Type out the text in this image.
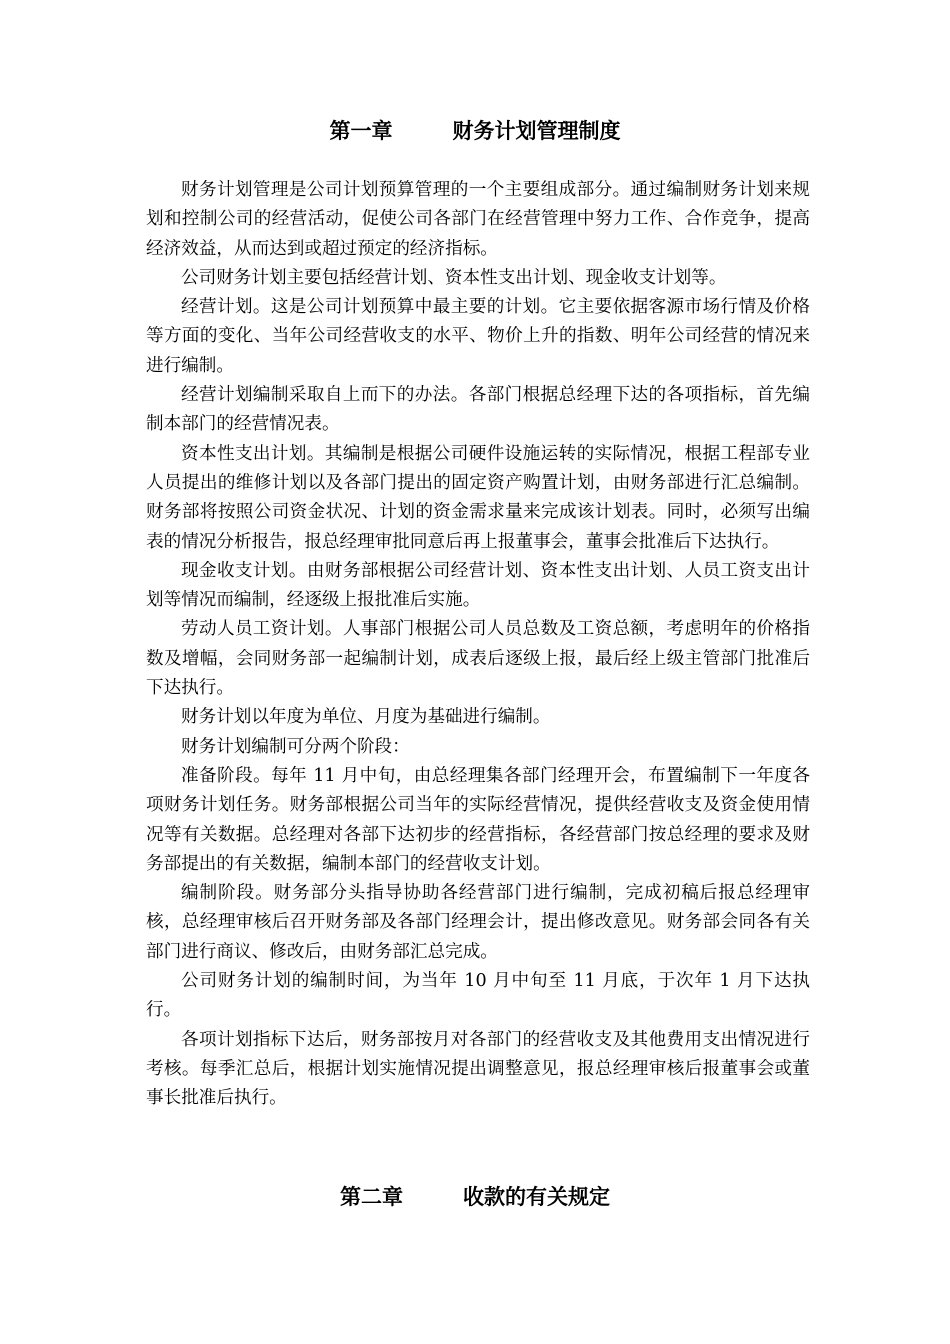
第一章	财务计划管理制度

财务计划管理是公司计划预算管理的一个主要组成部分。通过编制财务计划来规划和控制公司的经营活动，促使公司各部门在经营管理中努力工作、合作竞争，提高经济效益，从而达到或超过预定的经济指标。

公司财务计划主要包括经营计划、资本性支出计划、现金收支计划等。

经营计划。这是公司计划预算中最主要的计划。它主要依据客源市场行情及价格等方面的变化、当年公司经营收支的水平、物价上升的指数、明年公司经营的情况来进行编制。

经营计划编制采取自上而下的办法。各部门根据总经理下达的各项指标，首先编制本部门的经营情况表。

资本性支出计划。其编制是根据公司硬件设施运转的实际情况，根据工程部专业人员提出的维修计划以及各部门提出的固定资产购置计划，由财务部进行汇总编制。财务部将按照公司资金状况、计划的资金需求量来完成该计划表。同时，必须写出编表的情况分析报告，报总经理审批同意后再上报董事会，董事会批准后下达执行。

现金收支计划。由财务部根据公司经营计划、资本性支出计划、人员工资支出计划等情况而编制，经逐级上报批准后实施。

劳动人员工资计划。人事部门根据公司人员总数及工资总额，考虑明年的价格指数及增幅，会同财务部一起编制计划，成表后逐级上报，最后经上级主管部门批准后下达执行。

财务计划以年度为单位、月度为基础进行编制。

财务计划编制可分两个阶段：

准备阶段。每年 11 月中旬，由总经理集各部门经理开会，布置编制下一年度各项财务计划任务。财务部根据公司当年的实际经营情况，提供经营收支及资金使用情况等有关数据。总经理对各部下达初步的经营指标，各经营部门按总经理的要求及财务部提出的有关数据，编制本部门的经营收支计划。

编制阶段。财务部分头指导协助各经营部门进行编制，完成初稿后报总经理审核，总经理审核后召开财务部及各部门经理会计，提出修改意见。财务部会同各有关部门进行商议、修改后，由财务部汇总完成。

公司财务计划的编制时间，为当年 10 月中旬至 11 月底，于次年 1 月下达执行。

各项计划指标下达后，财务部按月对各部门的经营收支及其他费用支出情况进行考核。每季汇总后，根据计划实施情况提出调整意见，报总经理审核后报董事会或董事长批准后执行。

第二章	收款的有关规定
